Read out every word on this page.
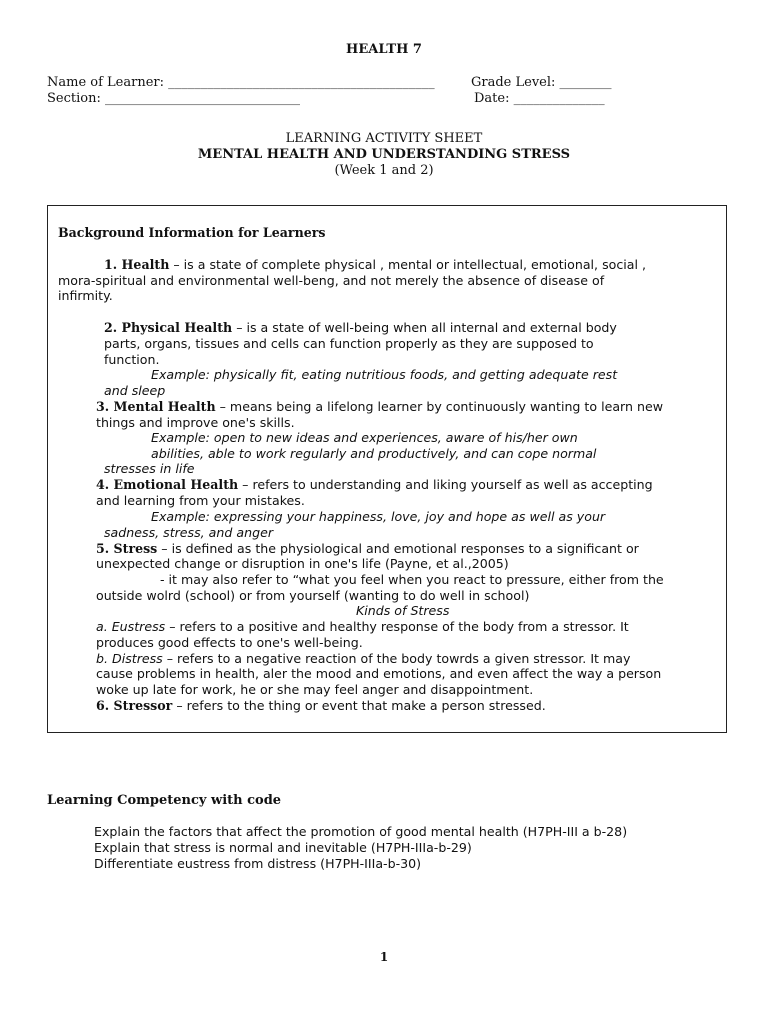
HEALTH 7
Name of Learner: _________________________________________	Grade Level: ________
Section: ______________________________	Date: ______________
LEARNING ACTIVITY SHEET
MENTAL HEALTH AND UNDERSTANDING STRESS
(Week 1 and 2)
Background Information for Learners
1. Health – is a state of complete physical , mental or intellectual, emotional, social ,
mora-spiritual and environmental well-beng, and not merely the absence of disease of
infirmity.
2. Physical Health – is a state of well-being when all internal and external body
parts, organs, tissues and cells can function properly as they are supposed to
function.
Example: physically fit, eating nutritious foods, and getting adequate rest
and sleep
3. Mental Health – means being a lifelong learner by continuously wanting to learn new
things and improve one's skills.
Example: open to new ideas and experiences, aware of his/her own
abilities, able to work regularly and productively, and can cope normal
stresses in life
4. Emotional Health – refers to understanding and liking yourself as well as accepting
and learning from your mistakes.
Example: expressing your happiness, love, joy and hope as well as your
sadness, stress, and anger
5. Stress – is defined as the physiological and emotional responses to a significant or
unexpected change or disruption in one's life (Payne, et al.,2005)
- it may also refer to “what you feel when you react to pressure, either from the
outside wolrd (school) or from yourself (wanting to do well in school)
Kinds of Stress
a. Eustress – refers to a positive and healthy response of the body from a stressor. It
produces good effects to one's well-being.
b. Distress – refers to a negative reaction of the body towrds a given stressor. It may
cause problems in health, aler the mood and emotions, and even affect the way a person
woke up late for work, he or she may feel anger and disappointment.
6. Stressor – refers to the thing or event that make a person stressed.
Learning Competency with code
Explain the factors that affect the promotion of good mental health (H7PH-III a b-28)
Explain that stress is normal and inevitable (H7PH-IIIa-b-29)
Differentiate eustress from distress (H7PH-IIIa-b-30)
1
